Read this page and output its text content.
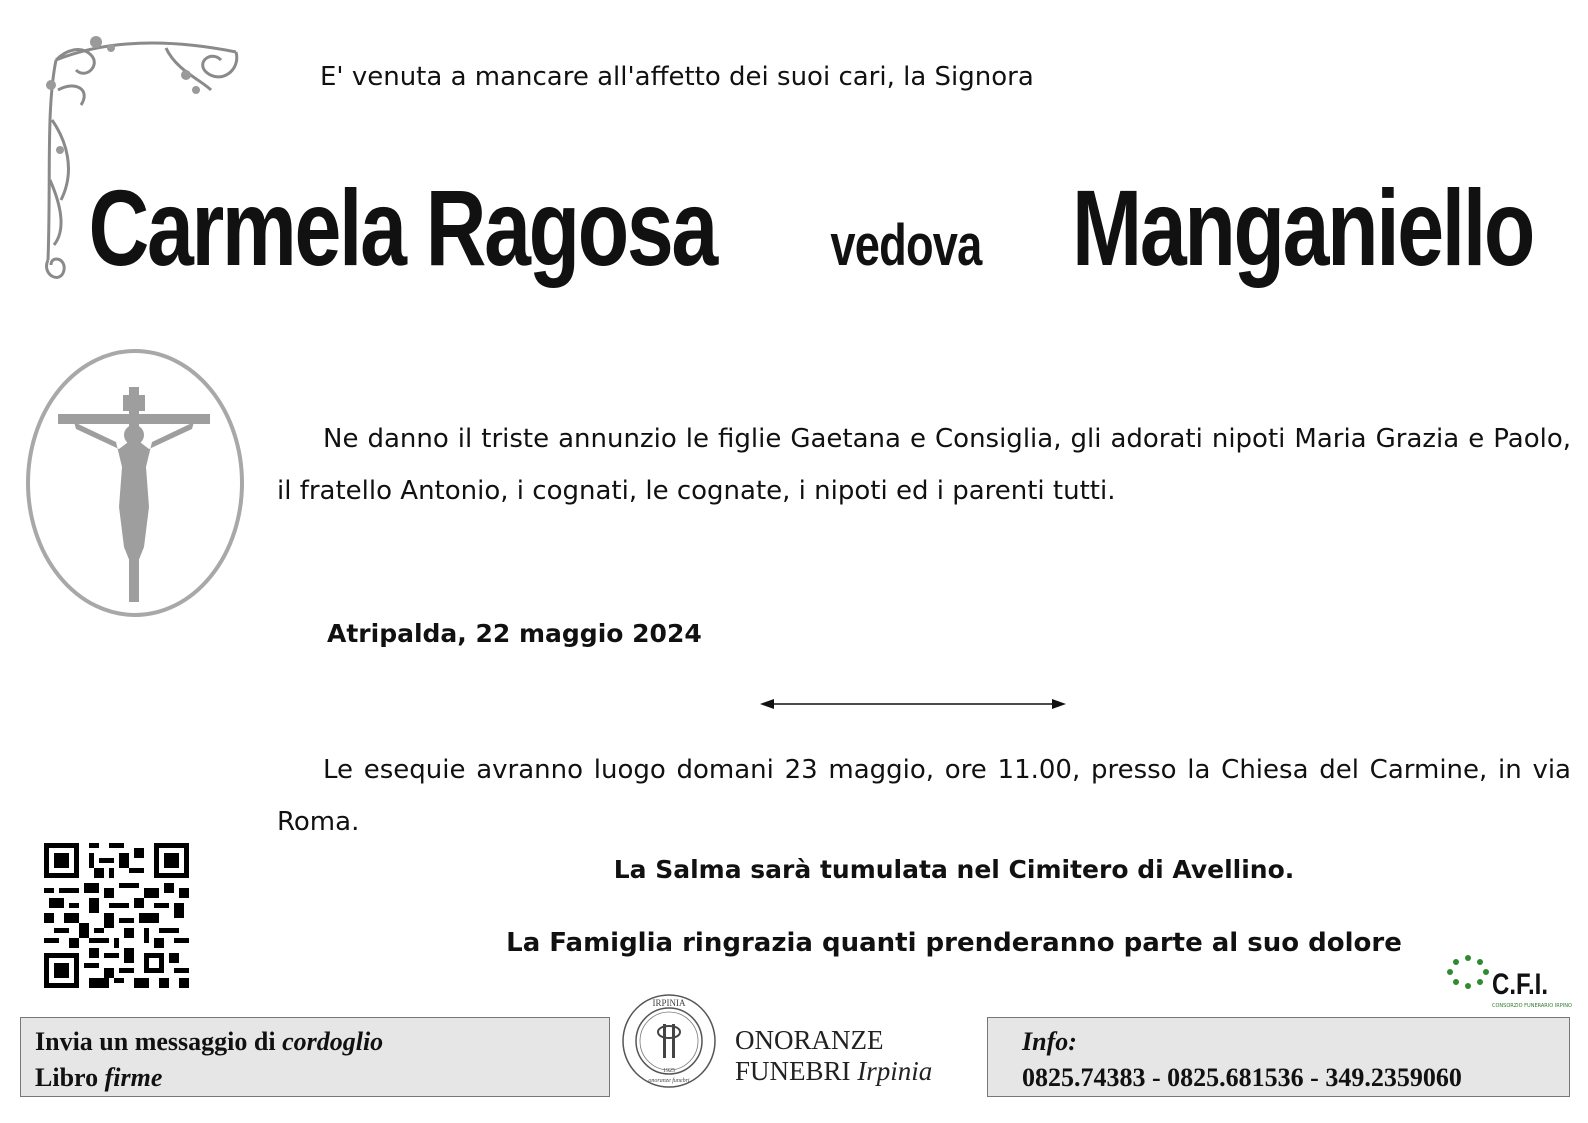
E' venuta a mancare all'affetto dei suoi cari, la Signora
Carmela Ragosa vedova Manganiello
Ne danno il triste annunzio le figlie Gaetana e Consiglia, gli adorati nipoti Maria Grazia e Paolo, il fratello Antonio, i cognati, le cognate, i nipoti ed i parenti tutti.
Atripalda, 22 maggio 2024
Le esequie avranno luogo domani 23 maggio, ore 11.00, presso la Chiesa del Carmine, in via Roma.
La Salma sarà tumulata nel Cimitero di Avellino.
La Famiglia ringrazia quanti prenderanno parte al suo dolore
C.F.I.
CONSORZIO FUNERARIO IRPINO
Invia un messaggio di cordoglio
Libro firme
IRPINIA
1925
onoranze funebri
ONORANZE
FUNEBRI Irpinia
Info:
0825.74383 - 0825.681536 - 349.2359060
